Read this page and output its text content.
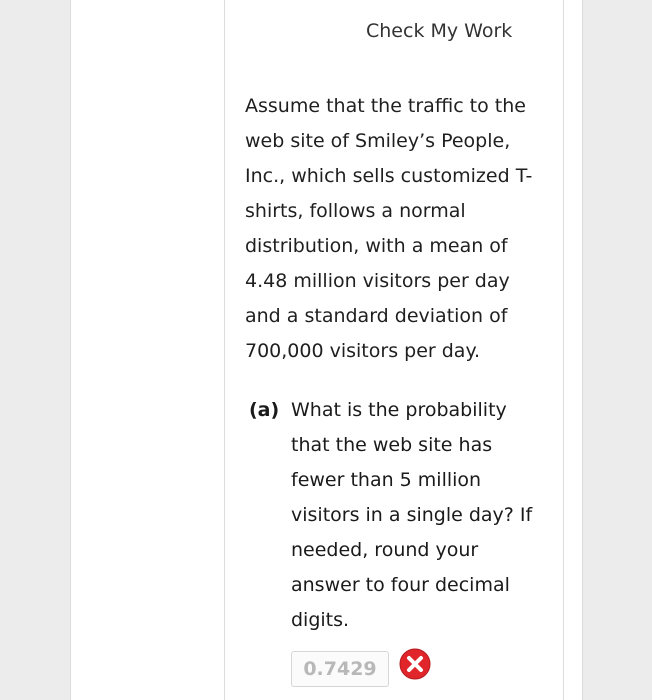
Check My Work
Assume that the traffic to the web site of Smiley’s People, Inc., which sells customized T-shirts, follows a normal distribution, with a mean of 4.48 million visitors per day and a standard deviation of 700,000 visitors per day.
(a) What is the probability that the web site has fewer than 5 million visitors in a single day? If needed, round your answer to four decimal digits.
0.7429
